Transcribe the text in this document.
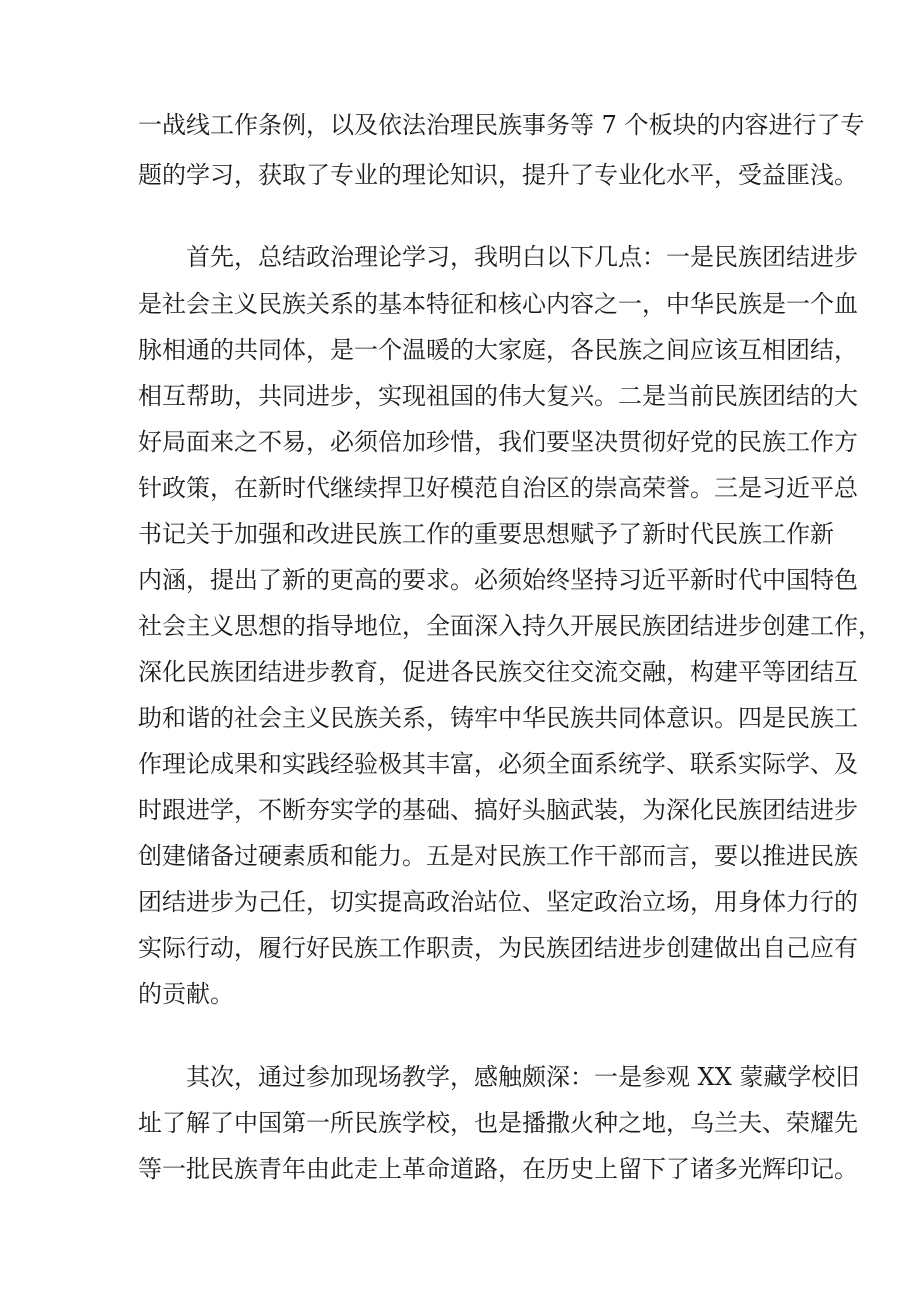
一战线工作条例，以及依法治理民族事务等 7 个板块的内容进行了专
题的学习，获取了专业的理论知识，提升了专业化水平，受益匪浅。
首先，总结政治理论学习，我明白以下几点：一是民族团结进步
是社会主义民族关系的基本特征和核心内容之一，中华民族是一个血
脉相通的共同体，是一个温暖的大家庭，各民族之间应该互相团结，
相互帮助，共同进步，实现祖国的伟大复兴。二是当前民族团结的大
好局面来之不易，必须倍加珍惜，我们要坚决贯彻好党的民族工作方
针政策，在新时代继续捍卫好模范自治区的崇高荣誉。三是习近平总
书记关于加强和改进民族工作的重要思想赋予了新时代民族工作新
内涵，提出了新的更高的要求。必须始终坚持习近平新时代中国特色
社会主义思想的指导地位，全面深入持久开展民族团结进步创建工作，
深化民族团结进步教育，促进各民族交往交流交融，构建平等团结互
助和谐的社会主义民族关系，铸牢中华民族共同体意识。四是民族工
作理论成果和实践经验极其丰富，必须全面系统学、联系实际学、及
时跟进学，不断夯实学的基础、搞好头脑武装，为深化民族团结进步
创建储备过硬素质和能力。五是对民族工作干部而言，要以推进民族
团结进步为己任，切实提高政治站位、坚定政治立场，用身体力行的
实际行动，履行好民族工作职责，为民族团结进步创建做出自己应有
的贡献。
其次，通过参加现场教学，感触颇深：一是参观 XX 蒙藏学校旧
址了解了中国第一所民族学校，也是播撒火种之地，乌兰夫、荣耀先
等一批民族青年由此走上革命道路，在历史上留下了诸多光辉印记。
